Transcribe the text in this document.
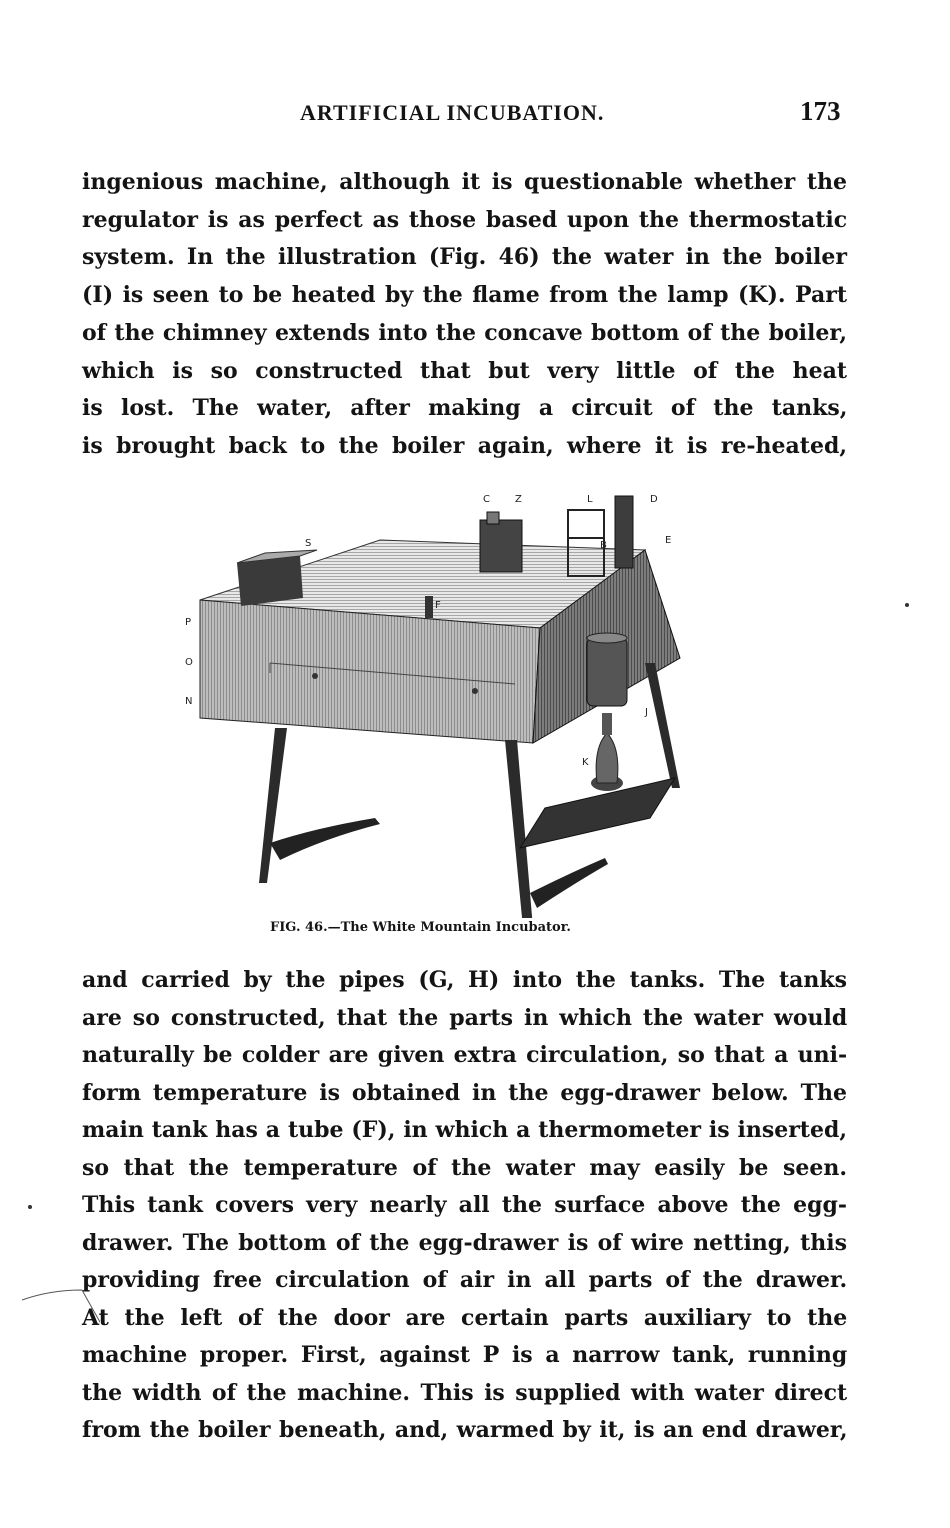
ARTIFICIAL INCUBATION.	173
ingenious machine, although it is questionable whether the
regulator is as perfect as those based upon the thermostatic
system. In the illustration (Fig. 46) the water in the boiler
(I) is seen to be heated by the flame from the lamp (K). Part
of the chimney extends into the concave bottom of the boiler,
which is so constructed that but very little of the heat
is lost. The water, after making a circuit of the tanks,
is brought back to the boiler again, where it is re-heated,
C	Z	L	D
S	E
P
O
N
K
J
F
B
FIG. 46.—The White Mountain Incubator.
and carried by the pipes (G, H) into the tanks. The tanks
are so constructed, that the parts in which the water would
naturally be colder are given extra circulation, so that a uni-
form temperature is obtained in the egg-drawer below. The
main tank has a tube (F), in which a thermometer is inserted,
so that the temperature of the water may easily be seen.
This tank covers very nearly all the surface above the egg-
drawer. The bottom of the egg-drawer is of wire netting, this
providing free circulation of air in all parts of the drawer.
At the left of the door are certain parts auxiliary to the
machine proper. First, against P is a narrow tank, running
the width of the machine. This is supplied with water direct
from the boiler beneath, and, warmed by it, is an end drawer,
